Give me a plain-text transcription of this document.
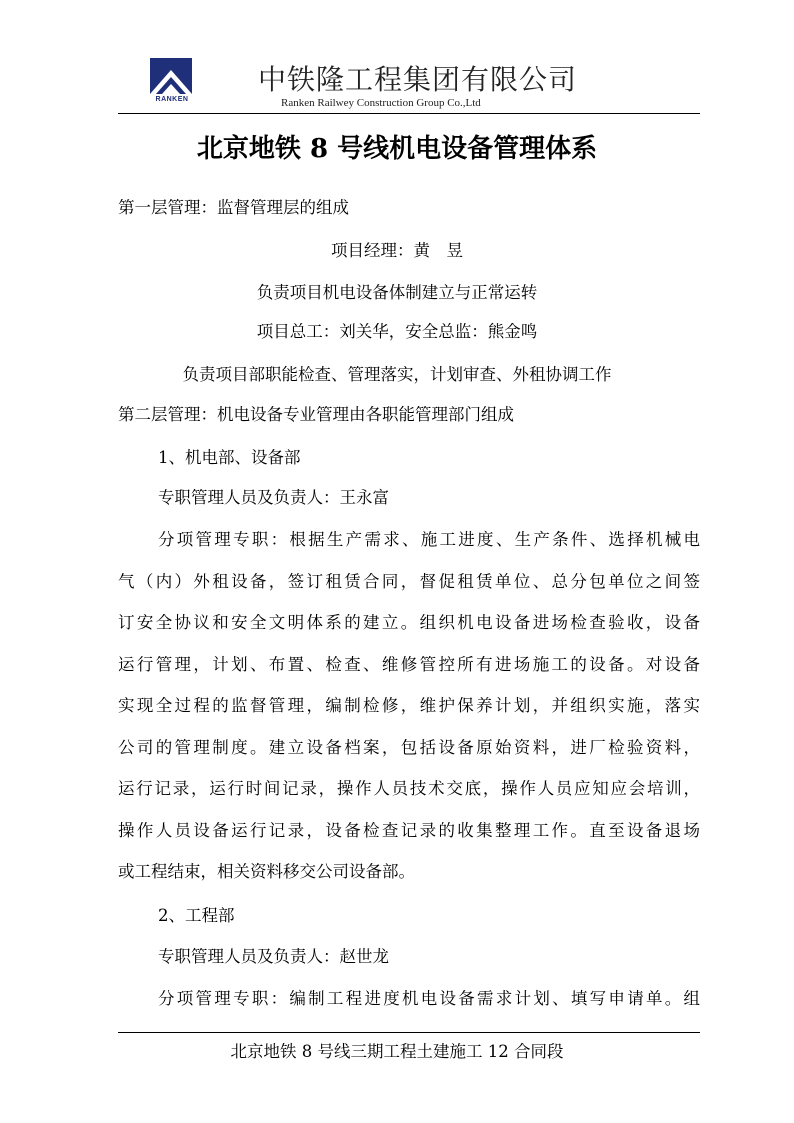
RANKEN
中铁隆工程集团有限公司
Ranken Railwey Construction Group Co.,Ltd
北京地铁 8 号线机电设备管理体系
第一层管理：监督管理层的组成
项目经理：黄　昱
负责项目机电设备体制建立与正常运转
项目总工：刘关华，安全总监：熊金鸣
负责项目部职能检查、管理落实，计划审查、外租协调工作
第二层管理：机电设备专业管理由各职能管理部门组成
1、机电部、设备部
专职管理人员及负责人：王永富
分项管理专职：根据生产需求、施工进度、生产条件、选择机械电
气（内）外租设备，签订租赁合同，督促租赁单位、总分包单位之间签
订安全协议和安全文明体系的建立。组织机电设备进场检查验收，设备
运行管理，计划、布置、检查、维修管控所有进场施工的设备。对设备
实现全过程的监督管理，编制检修，维护保养计划，并组织实施，落实
公司的管理制度。建立设备档案，包括设备原始资料，进厂检验资料，
运行记录，运行时间记录，操作人员技术交底，操作人员应知应会培训，
操作人员设备运行记录，设备检查记录的收集整理工作。直至设备退场
或工程结束，相关资料移交公司设备部。
2、工程部
专职管理人员及负责人：赵世龙
分项管理专职：编制工程进度机电设备需求计划、填写申请单。组
北京地铁 8 号线三期工程土建施工 12 合同段
